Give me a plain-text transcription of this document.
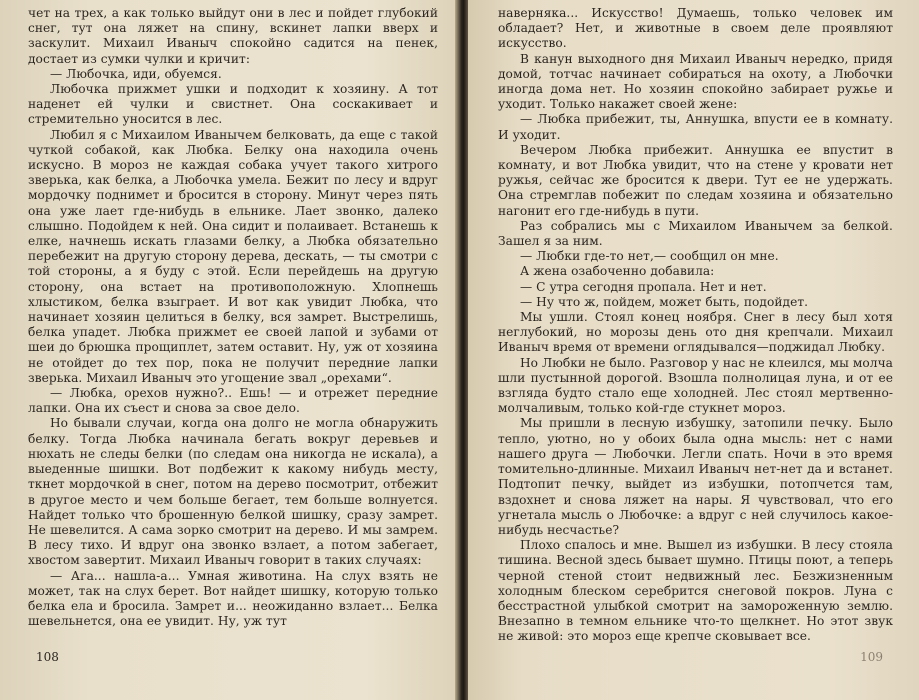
чет на трех, а как только выйдут они в лес и пойдет глубокий снег, тут она ляжет на спину, вскинет лапки вверх и заскулит. Михаил Иваныч спокойно садится на пенек, достает из сумки чулки и кричит:

— Любочка, иди, обуемся.

Любочка прижмет ушки и подходит к хозяину. А тот наденет ей чулки и свистнет. Она соскакивает и стремительно уносится в лес.

Любил я с Михаилом Иванычем белковать, да еще с такой чуткой собакой, как Любка. Белку она находила очень искусно. В мороз не каждая собака учует такого хитрого зверька, как белка, а Любочка умела. Бежит по лесу и вдруг мордочку поднимет и бросится в сторону. Минут через пять она уже лает где-нибудь в ельнике. Лает звонко, далеко слышно. Подойдем к ней. Она сидит и полаивает. Встанешь к елке, начнешь искать глазами белку, а Любка обязательно перебежит на другую сторону дерева, дескать, — ты смотри с той стороны, а я буду с этой. Если перейдешь на другую сторону, она встает на противоположную. Хлопнешь хлыстиком, белка взыграет. И вот как увидит Любка, что начинает хозяин целиться в белку, вся замрет. Выстрелишь, белка упадет. Любка прижмет ее своей лапой и зубами от шеи до брюшка прощиплет, затем оставит. Ну, уж от хозяина не отойдет до тех пор, пока не получит передние лапки зверька. Михаил Иваныч это угощение звал „орехами“.

— Любка, орехов нужно?.. Ешь! — и отрежет передние лапки. Она их съест и снова за свое дело.

Но бывали случаи, когда она долго не могла обнаружить белку. Тогда Любка начинала бегать вокруг деревьев и нюхать не следы белки (по следам она никогда не искала), а выеденные шишки. Вот подбежит к какому нибудь месту, ткнет мордочкой в снег, потом на дерево посмотрит, отбежит в другое место и чем больше бегает, тем больше волнуется. Найдет только что брошенную белкой шишку, сразу замрет. Не шевелится. А сама зорко смотрит на дерево. И мы замрем. В лесу тихо. И вдруг она звонко взлает, а потом забегает, хвостом завертит. Михаил Иваныч говорит в таких случаях:

— Ага... нашла-а... Умная животина. На слух взять не может, так на слух берет. Вот найдет шишку, которую только белка ела и бросила. Замрет и... неожиданно взлает... Белка шевельнется, она ее увидит. Ну, уж тут

108

наверняка... Искусство! Думаешь, только человек им обладает? Нет, и животные в своем деле проявляют искусство.

В канун выходного дня Михаил Иваныч нередко, придя домой, тотчас начинает собираться на охоту, а Любочки иногда дома нет. Но хозяин спокойно забирает ружье и уходит. Только накажет своей жене:

— Любка прибежит, ты, Аннушка, впусти ее в комнату. И уходит.

Вечером Любка прибежит. Аннушка ее впустит в комнату, и вот Любка увидит, что на стене у кровати нет ружья, сейчас же бросится к двери. Тут ее не удержать. Она стремглав побежит по следам хозяина и обязательно нагонит его где-нибудь в пути.

Раз собрались мы с Михаилом Иванычем за белкой. Зашел я за ним.

— Любки где-то нет,— сообщил он мне.

А жена озабоченно добавила:

— С утра сегодня пропала. Нет и нет.

— Ну что ж, пойдем, может быть, подойдет.

Мы ушли. Стоял конец ноября. Снег в лесу был хотя неглубокий, но морозы день ото дня крепчали. Михаил Иваныч время от времени оглядывался—поджидал Любку.

Но Любки не было. Разговор у нас не клеился, мы молча шли пустынной дорогой. Взошла полнолицая луна, и от ее взгляда будто стало еще холодней. Лес стоял мертвенно-молчаливым, только кой-где стукнет мороз.

Мы пришли в лесную избушку, затопили печку. Было тепло, уютно, но у обоих была одна мысль: нет с нами нашего друга — Любочки. Легли спать. Ночи в это время томительно-длинные. Михаил Иваныч нет-нет да и встанет. Подтопит печку, выйдет из избушки, потопчется там, вздохнет и снова ляжет на нары. Я чувствовал, что его угнетала мысль о Любочке: а вдруг с ней случилось какое-нибудь несчастье?

Плохо спалось и мне. Вышел из избушки. В лесу стояла тишина. Весной здесь бывает шумно. Птицы поют, а теперь черной стеной стоит недвижный лес. Безжизненным холодным блеском серебрится снеговой покров. Луна с бесстрастной улыбкой смотрит на замороженную землю. Внезапно в темном ельнике что-то щелкнет. Но этот звук не живой: это мороз еще крепче сковывает все.

109
